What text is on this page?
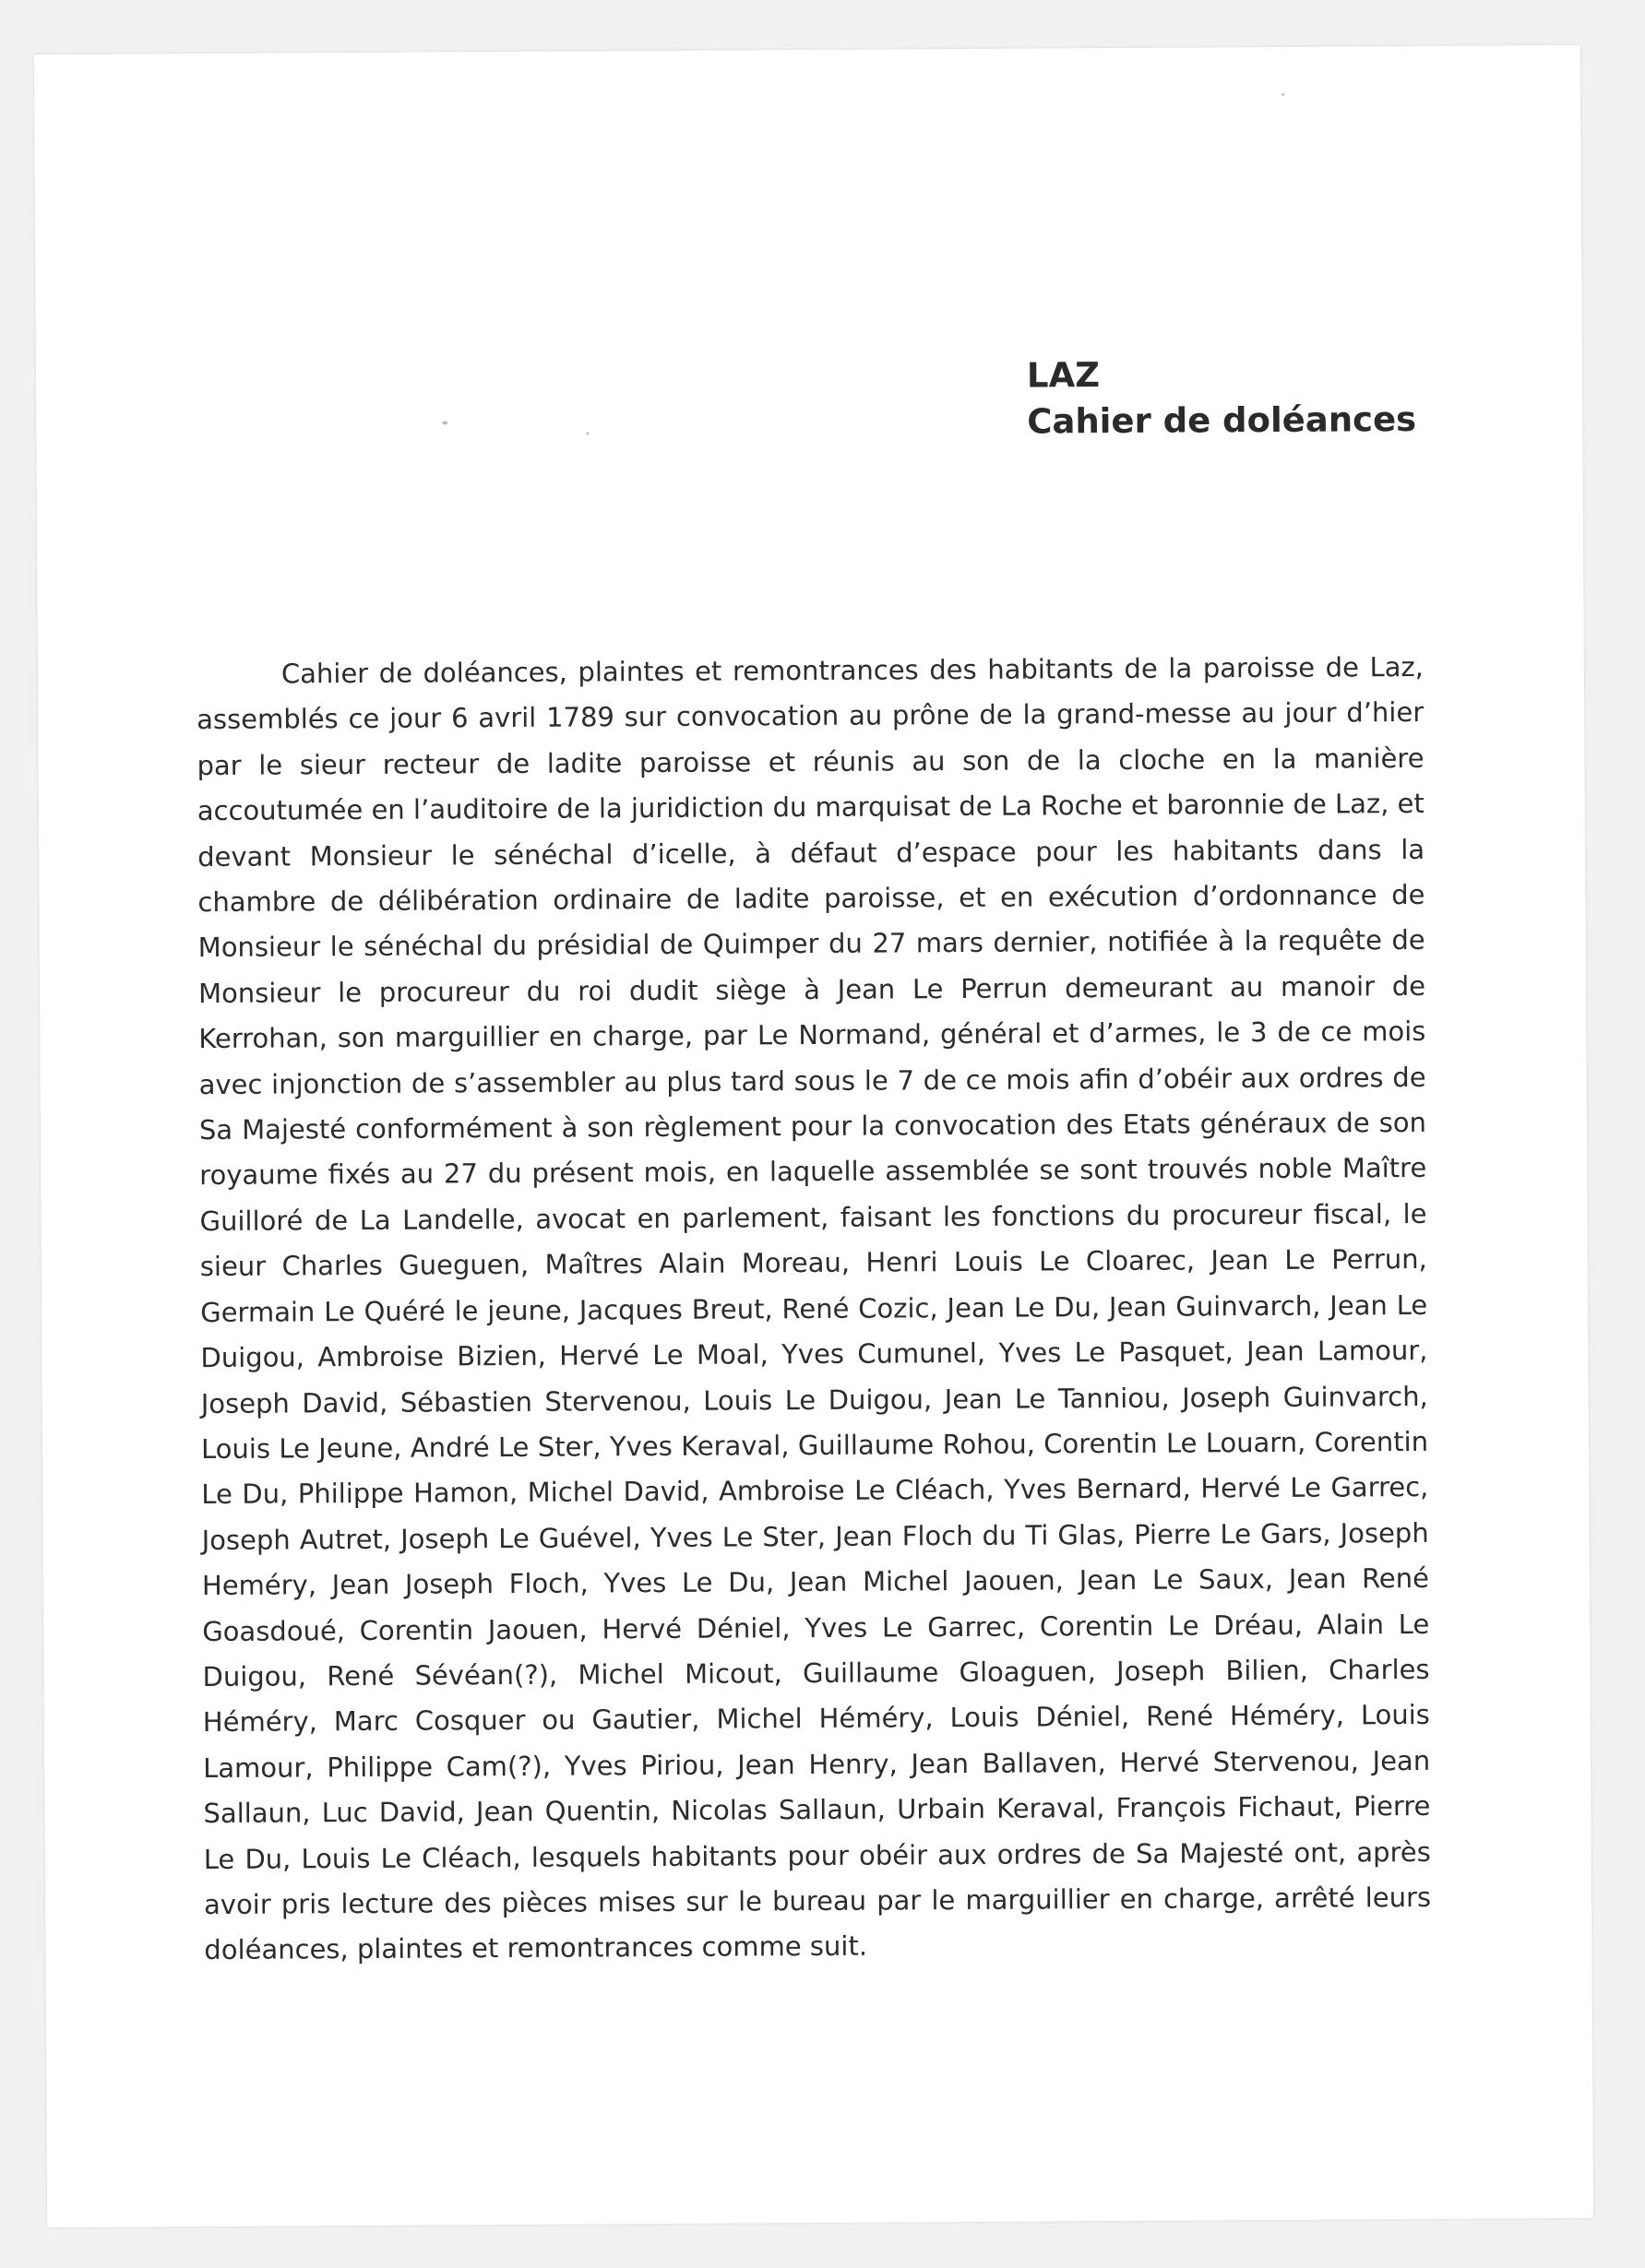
LAZ
Cahier de doléances

Cahier de doléances, plaintes et remontrances des habitants de la paroisse de Laz, assemblés ce jour 6 avril 1789 sur convocation au prône de la grand-messe au jour d’hier par le sieur recteur de ladite paroisse et réunis au son de la cloche en la manière accoutumée en l’auditoire de la juridiction du marquisat de La Roche et baronnie de Laz, et devant Monsieur le sénéchal d’icelle, à défaut d’espace pour les habitants dans la chambre de délibération ordinaire de ladite paroisse, et en exécution d’ordonnance de Monsieur le sénéchal du présidial de Quimper du 27 mars dernier, notifiée à la requête de Monsieur le procureur du roi dudit siège à Jean Le Perrun demeurant au manoir de Kerrohan, son marguillier en charge, par Le Normand, général et d’armes, le 3 de ce mois avec injonction de s’assembler au plus tard sous le 7 de ce mois afin d’obéir aux ordres de Sa Majesté conformément à son règlement pour la convocation des Etats généraux de son royaume fixés au 27 du présent mois, en laquelle assemblée se sont trouvés noble Maître Guilloré de La Landelle, avocat en parlement, faisant les fonctions du procureur fiscal, le sieur Charles Gueguen, Maîtres Alain Moreau, Henri Louis Le Cloarec, Jean Le Perrun, Germain Le Quéré le jeune, Jacques Breut, René Cozic, Jean Le Du, Jean Guinvarch, Jean Le Duigou, Ambroise Bizien, Hervé Le Moal, Yves Cumunel, Yves Le Pasquet, Jean Lamour, Joseph David, Sébastien Stervenou, Louis Le Duigou, Jean Le Tanniou, Joseph Guinvarch, Louis Le Jeune, André Le Ster, Yves Keraval, Guillaume Rohou, Corentin Le Louarn, Corentin Le Du, Philippe Hamon, Michel David, Ambroise Le Cléach, Yves Bernard, Hervé Le Garrec, Joseph Autret, Joseph Le Guével, Yves Le Ster, Jean Floch du Ti Glas, Pierre Le Gars, Joseph Heméry, Jean Joseph Floch, Yves Le Du, Jean Michel Jaouen, Jean Le Saux, Jean René Goasdoué, Corentin Jaouen, Hervé Déniel, Yves Le Garrec, Corentin Le Dréau, Alain Le Duigou, René Sévéan(?), Michel Micout, Guillaume Gloaguen, Joseph Bilien, Charles Héméry, Marc Cosquer ou Gautier, Michel Héméry, Louis Déniel, René Héméry, Louis Lamour, Philippe Cam(?), Yves Piriou, Jean Henry, Jean Ballaven, Hervé Stervenou, Jean Sallaun, Luc David, Jean Quentin, Nicolas Sallaun, Urbain Keraval, François Fichaut, Pierre Le Du, Louis Le Cléach, lesquels habitants pour obéir aux ordres de Sa Majesté ont, après avoir pris lecture des pièces mises sur le bureau par le marguillier en charge, arrêté leurs doléances, plaintes et remontrances comme suit.
